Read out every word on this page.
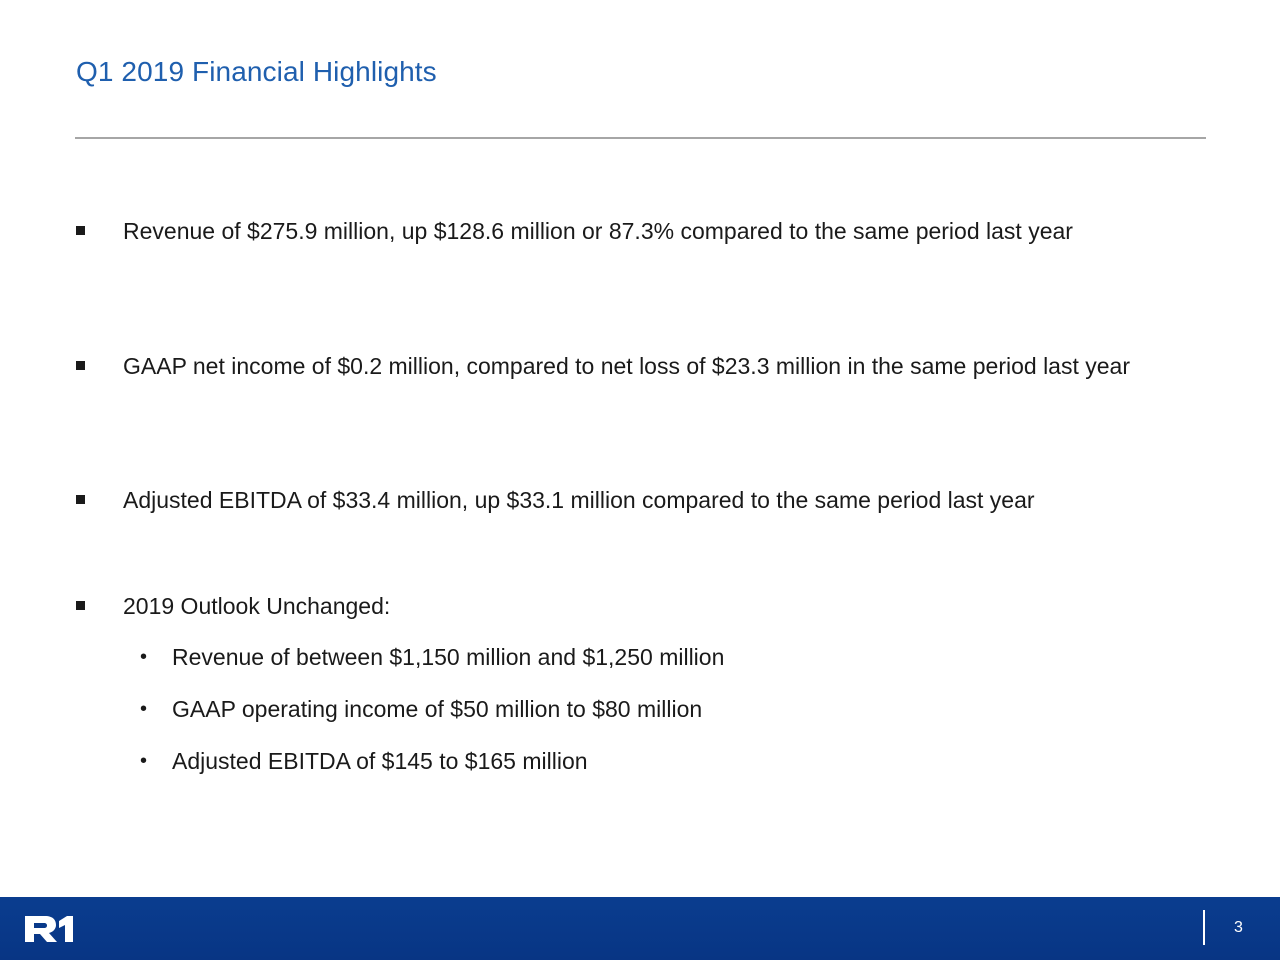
Q1 2019 Financial Highlights
Revenue of $275.9 million, up $128.6 million or 87.3% compared to the same period last year
GAAP net income of $0.2 million, compared to net loss of $23.3 million in the same period last year
Adjusted EBITDA of $33.4 million, up $33.1 million compared to the same period last year
2019 Outlook Unchanged:
• Revenue of between $1,150 million and $1,250 million
• GAAP operating income of $50 million to $80 million
• Adjusted EBITDA of $145 to $165 million
3
